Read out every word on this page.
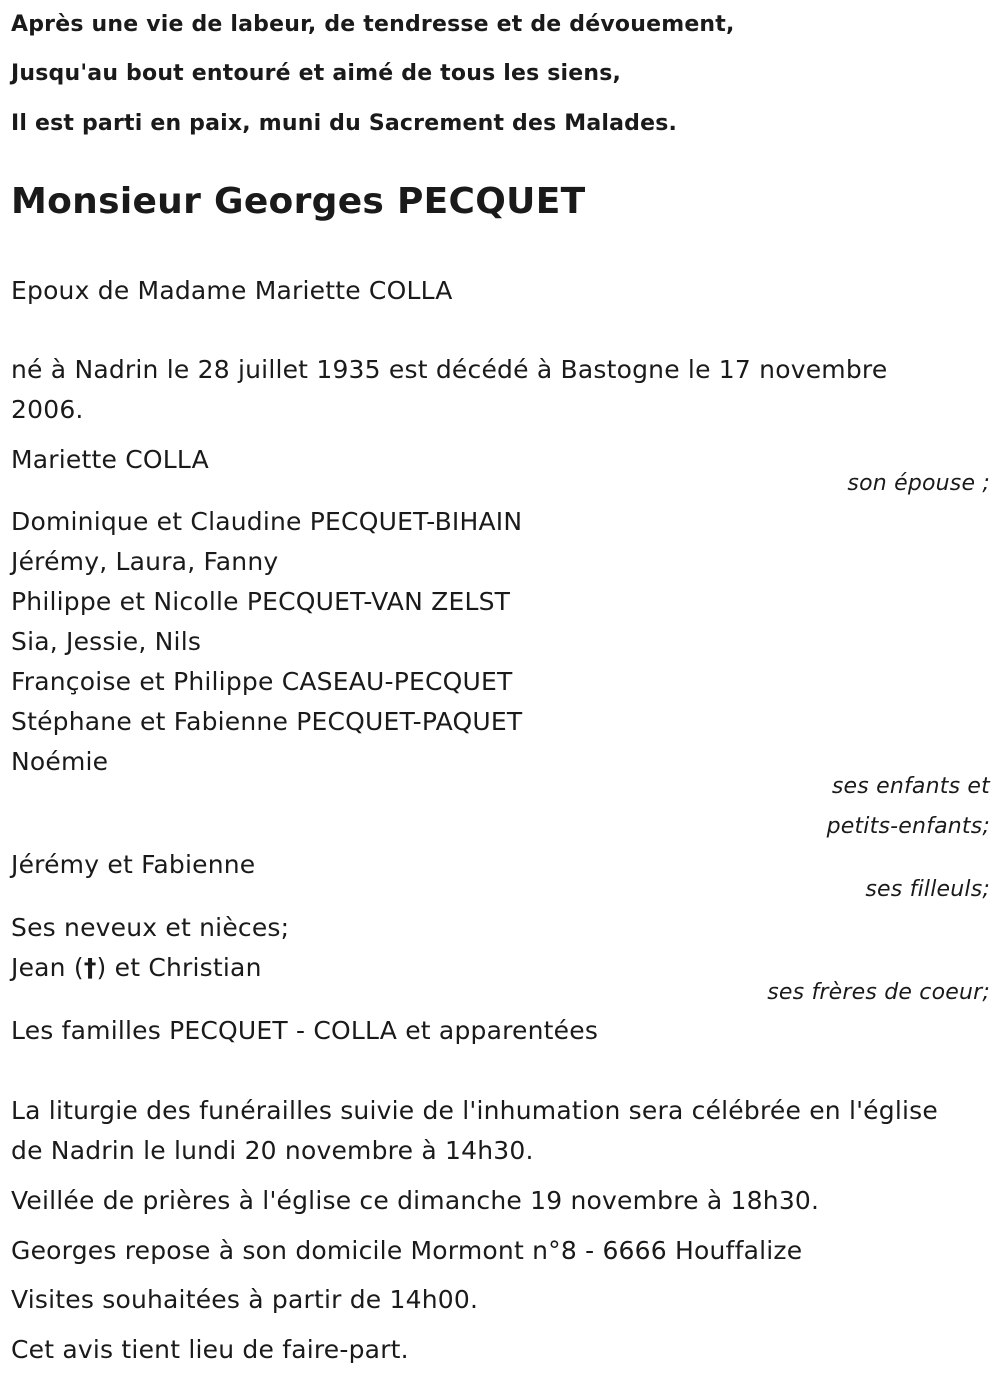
Après une vie de labeur, de tendresse et de dévouement,
Jusqu'au bout entouré et aimé de tous les siens,
Il est parti en paix, muni du Sacrement des Malades.
Monsieur Georges PECQUET
Epoux de Madame Mariette COLLA
né à Nadrin le 28 juillet 1935 est décédé à Bastogne le 17 novembre
2006.
Mariette COLLA
son épouse ;
Dominique et Claudine PECQUET-BIHAIN
Jérémy, Laura, Fanny
Philippe et Nicolle PECQUET-VAN ZELST
Sia, Jessie, Nils
Françoise et Philippe CASEAU-PECQUET
Stéphane et Fabienne PECQUET-PAQUET
Noémie
ses enfants et
petits-enfants;
Jérémy et Fabienne
ses filleuls;
Ses neveux et nièces;
Jean (†) et Christian
ses frères de coeur;
Les familles PECQUET - COLLA et apparentées
La liturgie des funérailles suivie de l'inhumation sera célébrée en l'église
de Nadrin le lundi 20 novembre à 14h30.
Veillée de prières à l'église ce dimanche 19 novembre à 18h30.
Georges repose à son domicile Mormont n°8 - 6666 Houffalize
Visites souhaitées à partir de 14h00.
Cet avis tient lieu de faire-part.
